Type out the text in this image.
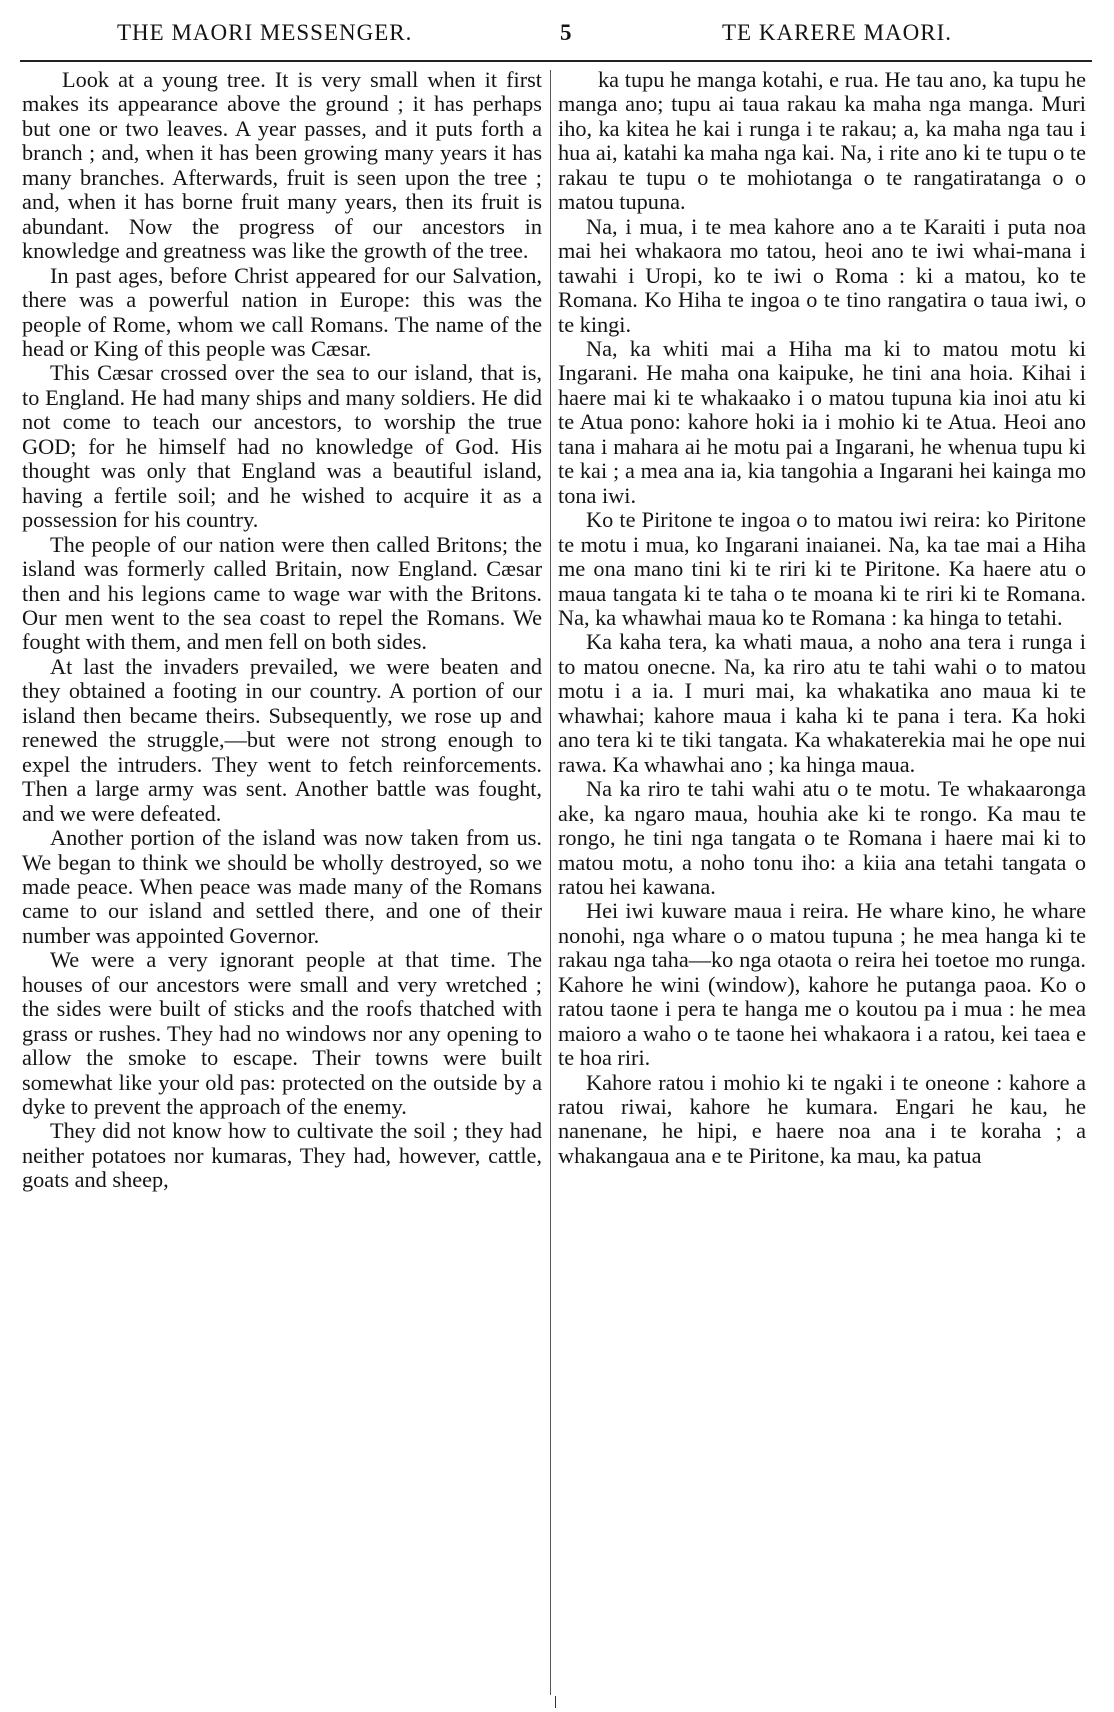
THE MAORI MESSENGER.	5	TE KARERE MAORI.

Look at a young tree. It is very small when it first makes its appearance above the ground ; it has perhaps but one or two leaves. A year passes, and it puts forth a branch ; and, when it has been growing many years it has many branches. Afterwards, fruit is seen upon the tree ; and, when it has borne fruit many years, then its fruit is abundant. Now the progress of our ancestors in knowledge and greatness was like the growth of the tree.

In past ages, before Christ appeared for our Salvation, there was a powerful nation in Europe: this was the people of Rome, whom we call Romans. The name of the head or King of this people was Cæsar.

This Cæsar crossed over the sea to our island, that is, to England. He had many ships and many soldiers. He did not come to teach our ancestors, to worship the true GOD; for he himself had no knowledge of God. His thought was only that England was a beautiful island, having a fertile soil; and he wished to acquire it as a possession for his country.

The people of our nation were then called Britons; the island was formerly called Britain, now England. Cæsar then and his legions came to wage war with the Britons. Our men went to the sea coast to repel the Romans. We fought with them, and men fell on both sides.

At last the invaders prevailed, we were beaten and they obtained a footing in our country. A portion of our island then became theirs. Subsequently, we rose up and renewed the struggle,—but were not strong enough to expel the intruders. They went to fetch reinforcements. Then a large army was sent. Another battle was fought, and we were defeated.

Another portion of the island was now taken from us. We began to think we should be wholly destroyed, so we made peace. When peace was made many of the Romans came to our island and settled there, and one of their number was appointed Governor.

We were a very ignorant people at that time. The houses of our ancestors were small and very wretched ; the sides were built of sticks and the roofs thatched with grass or rushes. They had no windows nor any opening to allow the smoke to escape. Their towns were built somewhat like your old pas: protected on the outside by a dyke to prevent the approach of the enemy.

They did not know how to cultivate the soil ; they had neither potatoes nor kumaras, They had, however, cattle, goats and sheep,

ka tupu he manga kotahi, e rua. He tau ano, ka tupu he manga ano; tupu ai taua rakau ka maha nga manga. Muri iho, ka kitea he kai i runga i te rakau; a, ka maha nga tau i hua ai, katahi ka maha nga kai. Na, i rite ano ki te tupu o te rakau te tupu o te mohiotanga o te rangatiratanga o o matou tupuna.

Na, i mua, i te mea kahore ano a te Karaiti i puta noa mai hei whakaora mo tatou, heoi ano te iwi whai-mana i tawahi i Uropi, ko te iwi o Roma : ki a matou, ko te Romana. Ko Hiha te ingoa o te tino rangatira o taua iwi, o te kingi.

Na, ka whiti mai a Hiha ma ki to matou motu ki Ingarani. He maha ona kaipuke, he tini ana hoia. Kihai i haere mai ki te whakaako i o matou tupuna kia inoi atu ki te Atua pono: kahore hoki ia i mohio ki te Atua. Heoi ano tana i mahara ai he motu pai a Ingarani, he whenua tupu ki te kai ; a mea ana ia, kia tangohia a Ingarani hei kainga mo tona iwi.

Ko te Piritone te ingoa o to matou iwi reira: ko Piritone te motu i mua, ko Ingarani inaianei. Na, ka tae mai a Hiha me ona mano tini ki te riri ki te Piritone. Ka haere atu o maua tangata ki te taha o te moana ki te riri ki te Romana. Na, ka whawhai maua ko te Romana : ka hinga to tetahi.

Ka kaha tera, ka whati maua, a noho ana tera i runga i to matou onecne. Na, ka riro atu te tahi wahi o to matou motu i a ia. I muri mai, ka whakatika ano maua ki te whawhai; kahore maua i kaha ki te pana i tera. Ka hoki ano tera ki te tiki tangata. Ka whakaterekia mai he ope nui rawa. Ka whawhai ano ; ka hinga maua.

Na ka riro te tahi wahi atu o te motu. Te whakaaronga ake, ka ngaro maua, houhia ake ki te rongo. Ka mau te rongo, he tini nga tangata o te Romana i haere mai ki to matou motu, a noho tonu iho: a kiia ana tetahi tangata o ratou hei kawana.

Hei iwi kuware maua i reira. He whare kino, he whare nonohi, nga whare o o matou tupuna ; he mea hanga ki te rakau nga taha—ko nga otaota o reira hei toetoe mo runga. Kahore he wini (window), kahore he putanga paoa. Ko o ratou taone i pera te hanga me o koutou pa i mua : he mea maioro a waho o te taone hei whakaora i a ratou, kei taea e te hoa riri.

Kahore ratou i mohio ki te ngaki i te oneone : kahore a ratou riwai, kahore he kumara. Engari he kau, he nanenane, he hipi, e haere noa ana i te koraha ; a whakangaua ana e te Piritone, ka mau, ka patua
